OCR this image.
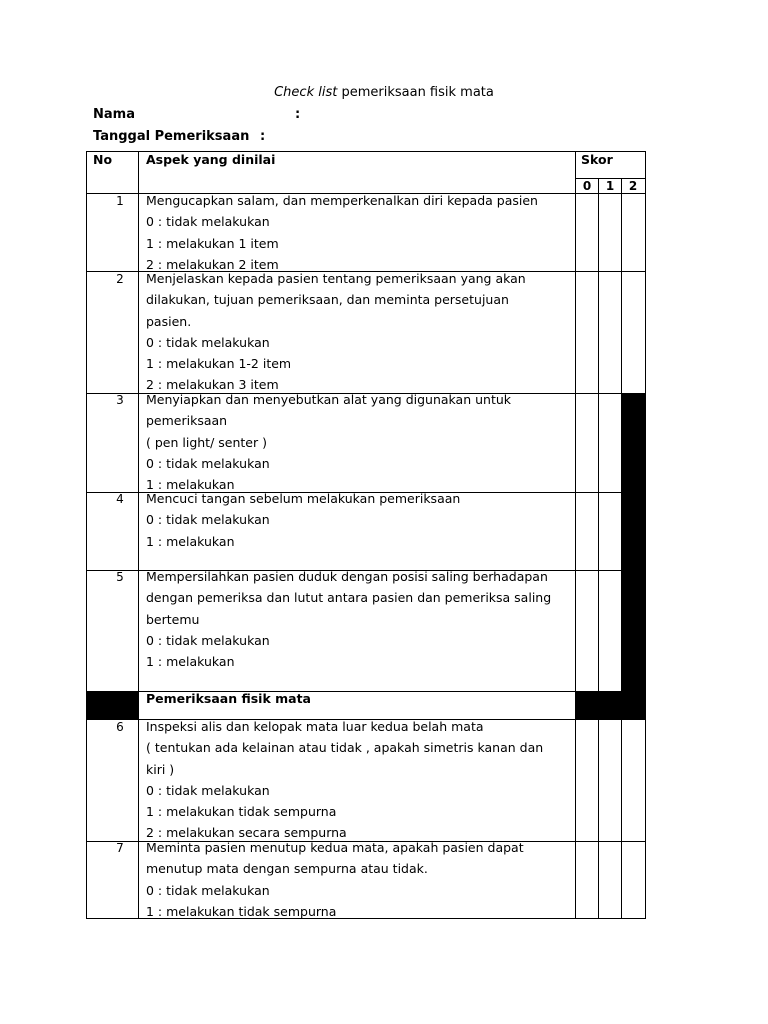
Check list pemeriksaan fisik mata
Nama	:
Tanggal Pemeriksaan :
No	Aspek yang dinilai	Skor
0	1	2
1	Mengucapkan salam, dan memperkenalkan diri kepada pasien
0 : tidak melakukan
1 : melakukan 1 item
2 : melakukan 2 item
2	Menjelaskan kepada pasien tentang pemeriksaan yang akan
dilakukan, tujuan pemeriksaan, dan meminta persetujuan
pasien.
0 : tidak melakukan
1 : melakukan 1-2 item
2 : melakukan 3 item
3	Menyiapkan dan menyebutkan alat yang digunakan untuk
pemeriksaan
( pen light/ senter )
0 : tidak melakukan
1 : melakukan
4	Mencuci tangan sebelum melakukan pemeriksaan
0 : tidak melakukan
1 : melakukan
5	Mempersilahkan pasien duduk dengan posisi saling berhadapan
dengan pemeriksa dan lutut antara pasien dan pemeriksa saling
bertemu
0 : tidak melakukan
1 : melakukan
Pemeriksaan fisik mata
6	Inspeksi alis dan kelopak mata luar kedua belah mata
( tentukan ada kelainan atau tidak , apakah simetris kanan dan
kiri )
0 : tidak melakukan
1 : melakukan tidak sempurna
2 : melakukan secara sempurna
7	Meminta pasien menutup kedua mata, apakah pasien dapat
menutup mata dengan sempurna atau tidak.
0 : tidak melakukan
1 : melakukan tidak sempurna
